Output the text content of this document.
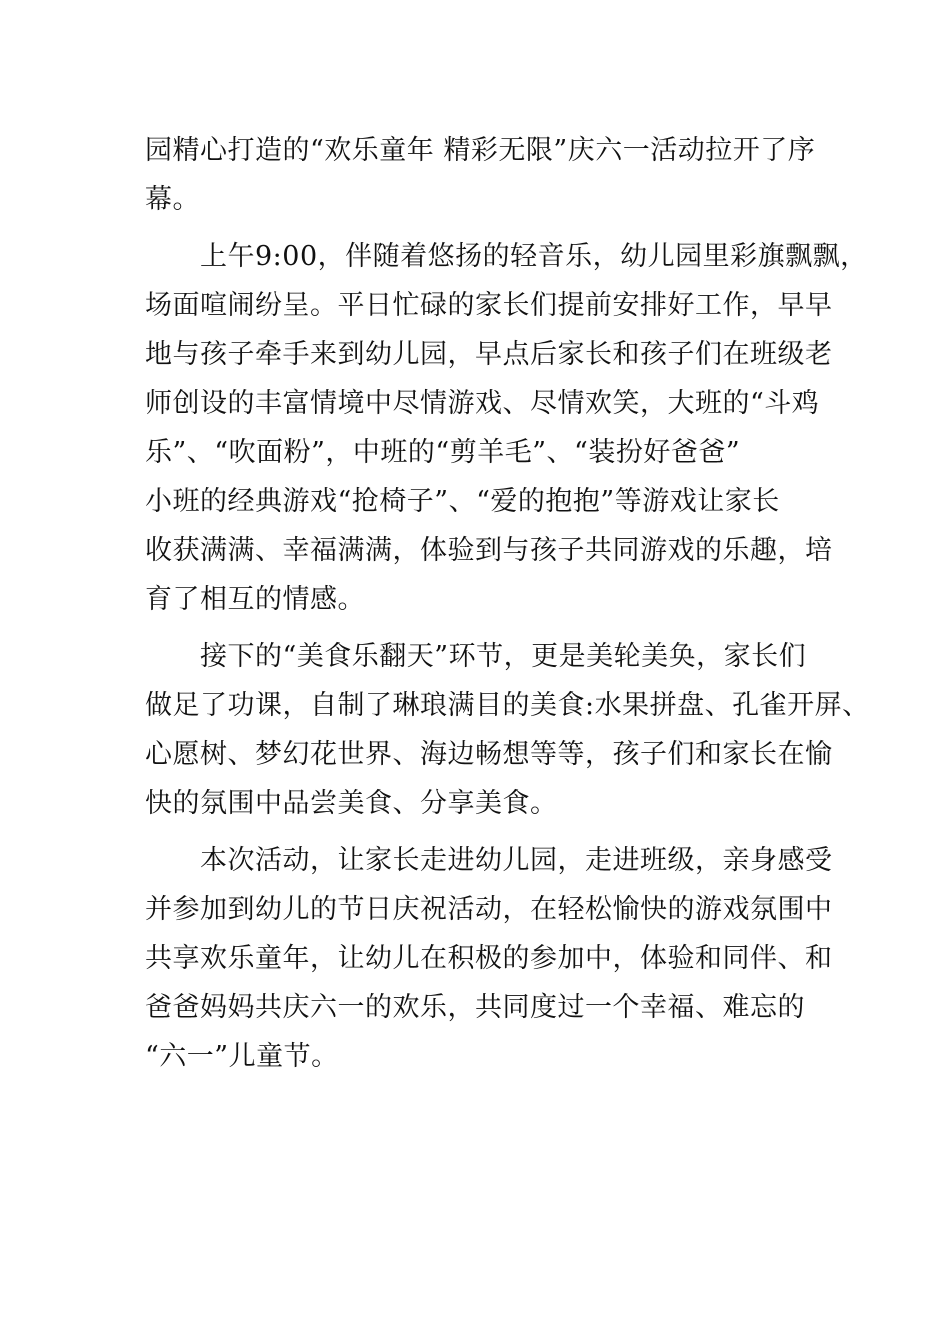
园精心打造的“欢乐童年 精彩无限”庆六一活动拉开了序
幕。
　　上午9:00，伴随着悠扬的轻音乐，幼儿园里彩旗飘飘，
场面喧闹纷呈。平日忙碌的家长们提前安排好工作，早早
地与孩子牵手来到幼儿园，早点后家长和孩子们在班级老
师创设的丰富情境中尽情游戏、尽情欢笑，大班的“斗鸡
乐”、“吹面粉”，中班的“剪羊毛”、“装扮好爸爸”
小班的经典游戏“抢椅子”、“爱的抱抱”等游戏让家长
收获满满、幸福满满，体验到与孩子共同游戏的乐趣，培
育了相互的情感。
　　接下的“美食乐翻天”环节，更是美轮美奂，家长们
做足了功课，自制了琳琅满目的美食:水果拼盘、孔雀开屏、
心愿树、梦幻花世界、海边畅想等等，孩子们和家长在愉
快的氛围中品尝美食、分享美食。
　　本次活动，让家长走进幼儿园，走进班级，亲身感受
并参加到幼儿的节日庆祝活动，在轻松愉快的游戏氛围中
共享欢乐童年，让幼儿在积极的参加中，体验和同伴、和
爸爸妈妈共庆六一的欢乐，共同度过一个幸福、难忘的
“六一”儿童节。
